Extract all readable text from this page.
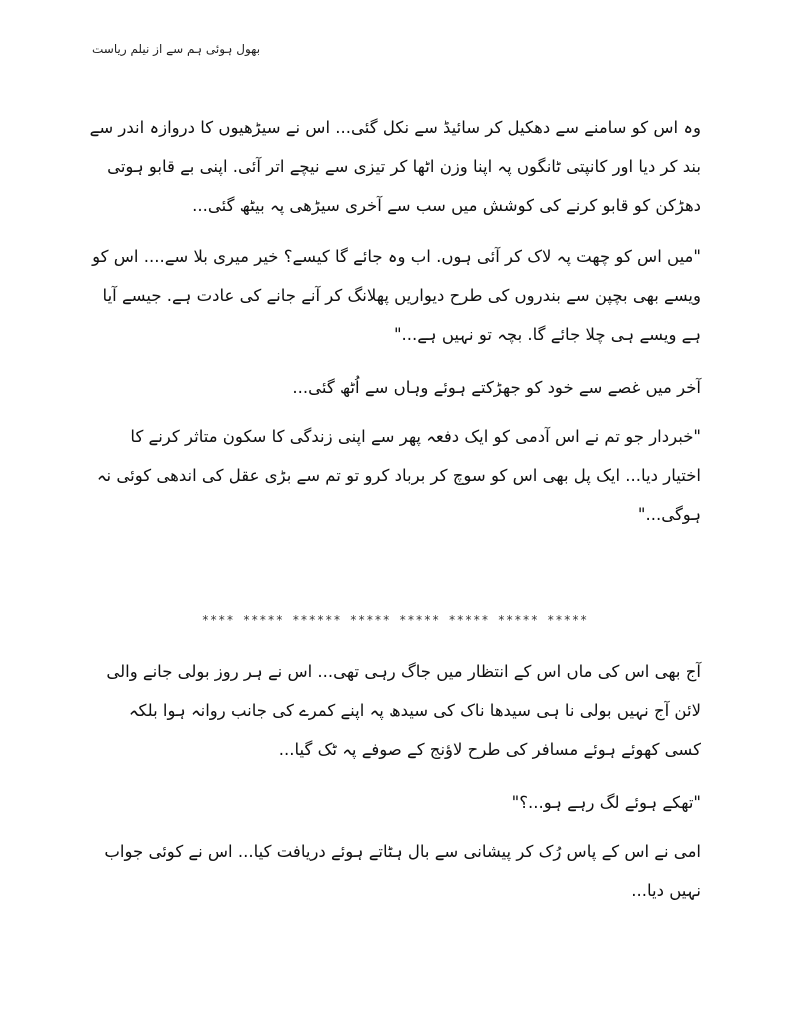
بھول ہوئی ہم سے از نیلم ریاست

وہ اس کو سامنے سے دھکیل کر سائیڈ سے نکل گئی... اس نے سیڑھیوں کا دروازہ اندر سے بند کر دیا اور کانپتی ٹانگوں پہ اپنا وزن اٹھا کر تیزی سے نیچے اتر آئی. اپنی بے قابو ہوتی دھڑکن کو قابو کرنے کی کوشش میں سب سے آخری سیڑھی پہ بیٹھ گئی...

"میں اس کو چھت پہ لاک کر آئی ہوں. اب وہ جائے گا کیسے؟ خیر میری بلا سے.... اس کو ویسے بھی بچپن سے بندروں کی طرح دیواریں پھلانگ کر آنے جانے کی عادت ہے. جیسے آیا ہے ویسے ہی چلا جائے گا. بچہ تو نہیں ہے..."

آخر میں غصے سے خود کو جھڑکتے ہوئے وہاں سے اُٹھ گئی...

"خبردار جو تم نے اس آدمی کو ایک دفعہ پھر سے اپنی زندگی کا سکون متاثر کرنے کا اختیار دیا... ایک پل بھی اس کو سوچ کر برباد کرو تو تم سے بڑی عقل کی اندھی کوئی نہ ہوگی..."

**** ***** ****** ***** ***** ***** ***** *****

آج بھی اس کی ماں اس کے انتظار میں جاگ رہی تھی... اس نے ہر روز بولی جانے والی لائن آج نہیں بولی نا ہی سیدھا ناک کی سیدھ پہ اپنے کمرے کی جانب روانہ ہوا بلکہ کسی کھوئے ہوئے مسافر کی طرح لاؤنج کے صوفے پہ ٹک گیا...

"تھکے ہوئے لگ رہے ہو...؟"

امی نے اس کے پاس رُک کر پیشانی سے بال ہٹاتے ہوئے دریافت کیا... اس نے کوئی جواب نہیں دیا...
